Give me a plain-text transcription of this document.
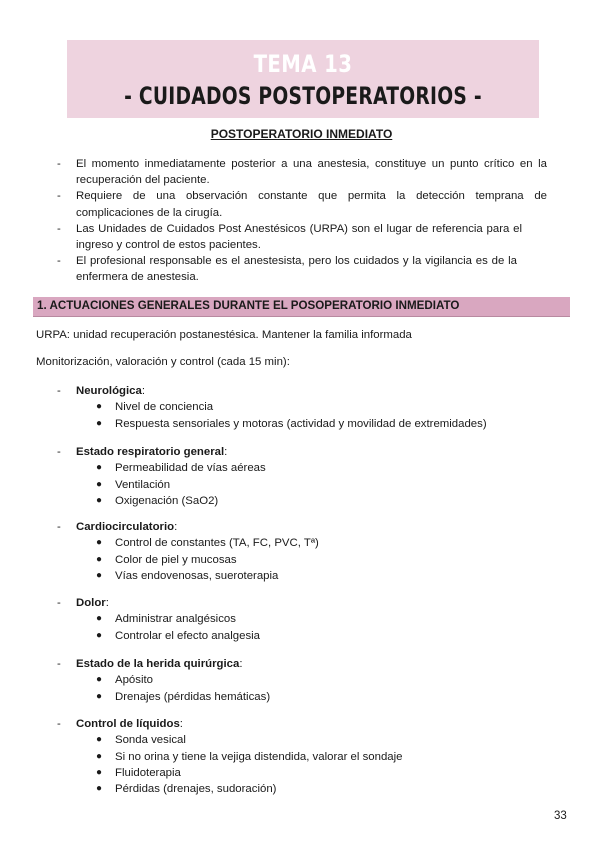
TEMA 13
- CUIDADOS POSTOPERATORIOS -
POSTOPERATORIO INMEDIATO
- El momento inmediatamente posterior a una anestesia, constituye un punto crítico en la recuperación del paciente.
- Requiere de una observación constante que permita la detección temprana de complicaciones de la cirugía.
- Las Unidades de Cuidados Post Anestésicos (URPA) son el lugar de referencia para el ingreso y control de estos pacientes.
- El profesional responsable es el anestesista, pero los cuidados y la vigilancia es de la enfermera de anestesia.
1. ACTUACIONES GENERALES DURANTE EL POSOPERATORIO INMEDIATO
URPA: unidad recuperación postanestésica. Mantener la familia informada
Monitorización, valoración y control (cada 15 min):
- Neurológica:
● Nivel de conciencia
● Respuesta sensoriales y motoras (actividad y movilidad de extremidades)
- Estado respiratorio general:
● Permeabilidad de vías aéreas
● Ventilación
● Oxigenación (SaO2)
- Cardiocirculatorio:
● Control de constantes (TA, FC, PVC, Tª)
● Color de piel y mucosas
● Vías endovenosas, sueroterapia
- Dolor:
● Administrar analgésicos
● Controlar el efecto analgesia
- Estado de la herida quirúrgica:
● Apósito
● Drenajes (pérdidas hemáticas)
- Control de líquidos:
● Sonda vesical
● Si no orina y tiene la vejiga distendida, valorar el sondaje
● Fluidoterapia
● Pérdidas (drenajes, sudoración)
33
